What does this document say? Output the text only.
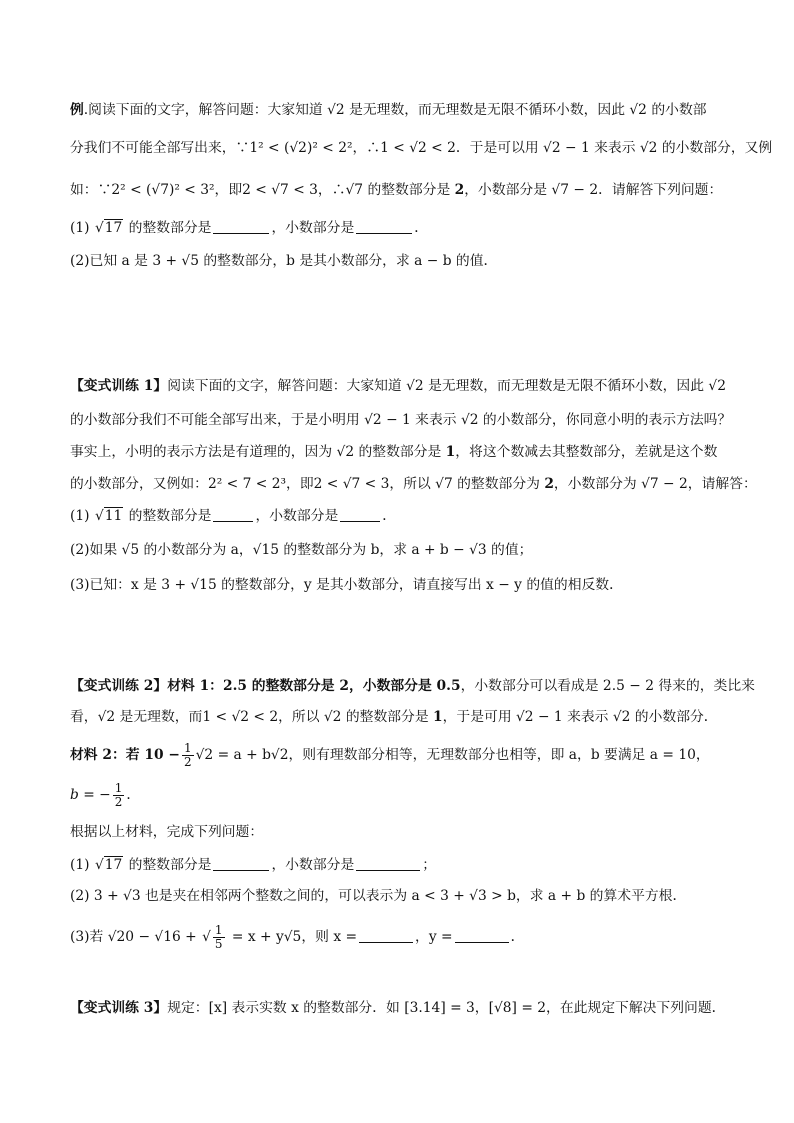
例.阅读下面的文字，解答问题：大家知道 √2 是无理数，而无理数是无限不循环小数，因此 √2 的小数部
分我们不可能全部写出来，∵1² < (√2)² < 2²，∴1 < √2 < 2．于是可以用 √2 − 1 来表示 √2 的小数部分，又例
如：∵2² < (√7)² < 3²，即2 < √7 < 3，∴√7 的整数部分是 2，小数部分是 √7 − 2．请解答下列问题：
(1) √17 的整数部分是	，小数部分是	．
(2)已知 a 是 3 + √5 的整数部分，b 是其小数部分，求 a − b 的值．
【变式训练 1】阅读下面的文字，解答问题：大家知道 √2 是无理数，而无理数是无限不循环小数，因此 √2
的小数部分我们不可能全部写出来，于是小明用 √2 − 1 来表示 √2 的小数部分，你同意小明的表示方法吗？
事实上，小明的表示方法是有道理的，因为 √2 的整数部分是 1，将这个数减去其整数部分，差就是这个数
的小数部分，又例如：2² < 7 < 2³，即2 < √7 < 3，所以 √7 的整数部分为 2，小数部分为 √7 − 2，请解答：
(1) √11 的整数部分是	，小数部分是	．
(2)如果 √5 的小数部分为 a，√15 的整数部分为 b，求 a + b − √3 的值；
(3)已知：x 是 3 + √15 的整数部分，y 是其小数部分，请直接写出 x − y 的值的相反数．
【变式训练 2】材料 1：2.5 的整数部分是 2，小数部分是 0.5，小数部分可以看成是 2.5 − 2 得来的，类比来
看，√2 是无理数，而1 < √2 < 2，所以 √2 的整数部分是 1，于是可用 √2 − 1 来表示 √2 的小数部分．
材料 2：若 $10 - \frac{1}{2} √2 = a + b√2$，则有理数部分相等，无理数部分也相等，即 a，b 要满足 a = 10，
b = − $\frac{1}{2}$ ．
根据以上材料，完成下列问题：
(1) √17 的整数部分是	，小数部分是	；
(2) 3 + √3 也是夹在相邻两个整数之间的，可以表示为 a < 3 + √3 > b，求 a + b 的算术平方根．
(3)若 √20 − √16 + √ $\frac{1}{5} = x + y√5$，则 x =	，y =	．
【变式训练 3】规定：[x] 表示实数 x 的整数部分．如 [3.14] = 3，[√8] = 2，在此规定下解决下列问题．
